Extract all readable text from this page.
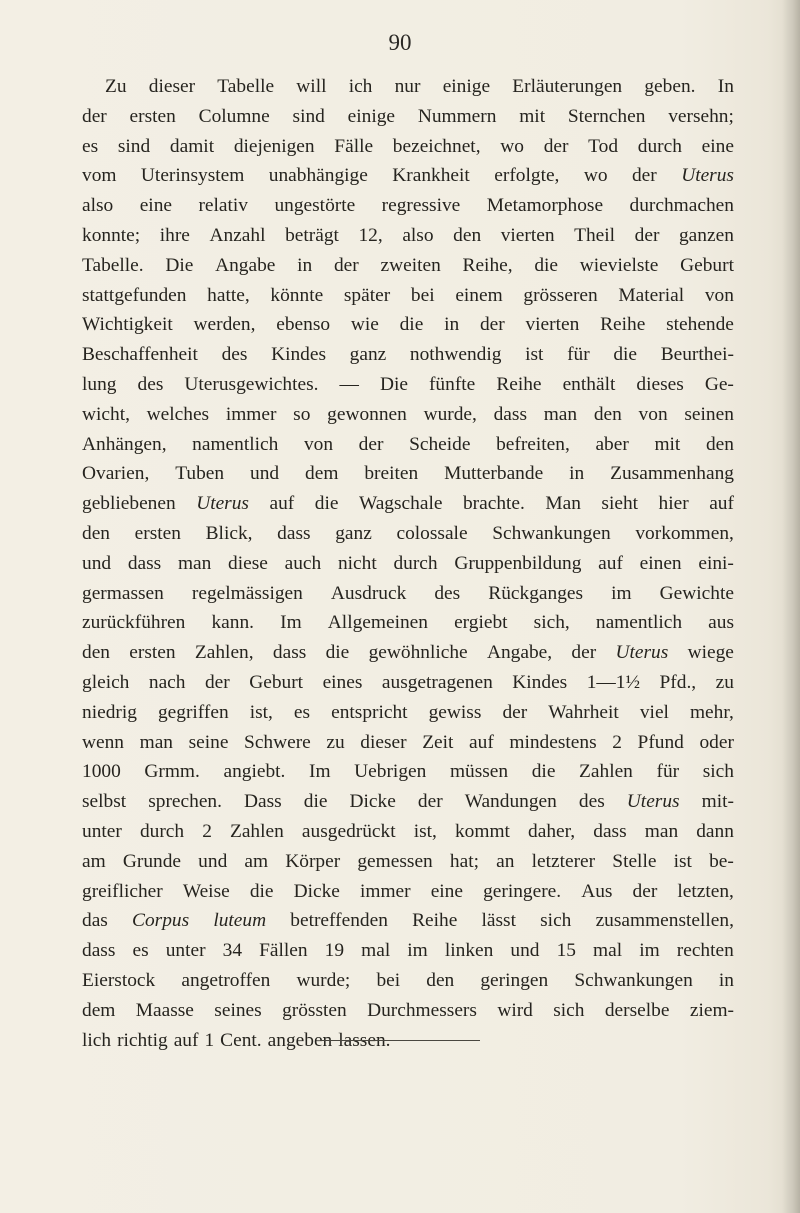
90
Zu dieser Tabelle will ich nur einige Erläuterungen geben. In
der ersten Columne sind einige Nummern mit Sternchen versehn;
es sind damit diejenigen Fälle bezeichnet, wo der Tod durch eine
vom Uterinsystem unabhängige Krankheit erfolgte, wo der Uterus
also eine relativ ungestörte regressive Metamorphose durchmachen
konnte; ihre Anzahl beträgt 12, also den vierten Theil der ganzen
Tabelle. Die Angabe in der zweiten Reihe, die wievielste Geburt
stattgefunden hatte, könnte später bei einem grösseren Material von
Wichtigkeit werden, ebenso wie die in der vierten Reihe stehende
Beschaffenheit des Kindes ganz nothwendig ist für die Beurthei-
lung des Uterusgewichtes. — Die fünfte Reihe enthält dieses Ge-
wicht, welches immer so gewonnen wurde, dass man den von seinen
Anhängen, namentlich von der Scheide befreiten, aber mit den
Ovarien, Tuben und dem breiten Mutterbande in Zusammenhang
gebliebenen Uterus auf die Wagschale brachte. Man sieht hier auf
den ersten Blick, dass ganz colossale Schwankungen vorkommen,
und dass man diese auch nicht durch Gruppenbildung auf einen eini-
germassen regelmässigen Ausdruck des Rückganges im Gewichte
zurückführen kann. Im Allgemeinen ergiebt sich, namentlich aus
den ersten Zahlen, dass die gewöhnliche Angabe, der Uterus wiege
gleich nach der Geburt eines ausgetragenen Kindes 1—1½ Pfd., zu
niedrig gegriffen ist, es entspricht gewiss der Wahrheit viel mehr,
wenn man seine Schwere zu dieser Zeit auf mindestens 2 Pfund oder
1000 Grmm. angiebt. Im Uebrigen müssen die Zahlen für sich
selbst sprechen. Dass die Dicke der Wandungen des Uterus mit-
unter durch 2 Zahlen ausgedrückt ist, kommt daher, dass man dann
am Grunde und am Körper gemessen hat; an letzterer Stelle ist be-
greiflicher Weise die Dicke immer eine geringere. Aus der letzten,
das Corpus luteum betreffenden Reihe lässt sich zusammenstellen,
dass es unter 34 Fällen 19 mal im linken und 15 mal im rechten
Eierstock angetroffen wurde; bei den geringen Schwankungen in
dem Maasse seines grössten Durchmessers wird sich derselbe ziem-
lich richtig auf 1 Cent. angeben lassen.
